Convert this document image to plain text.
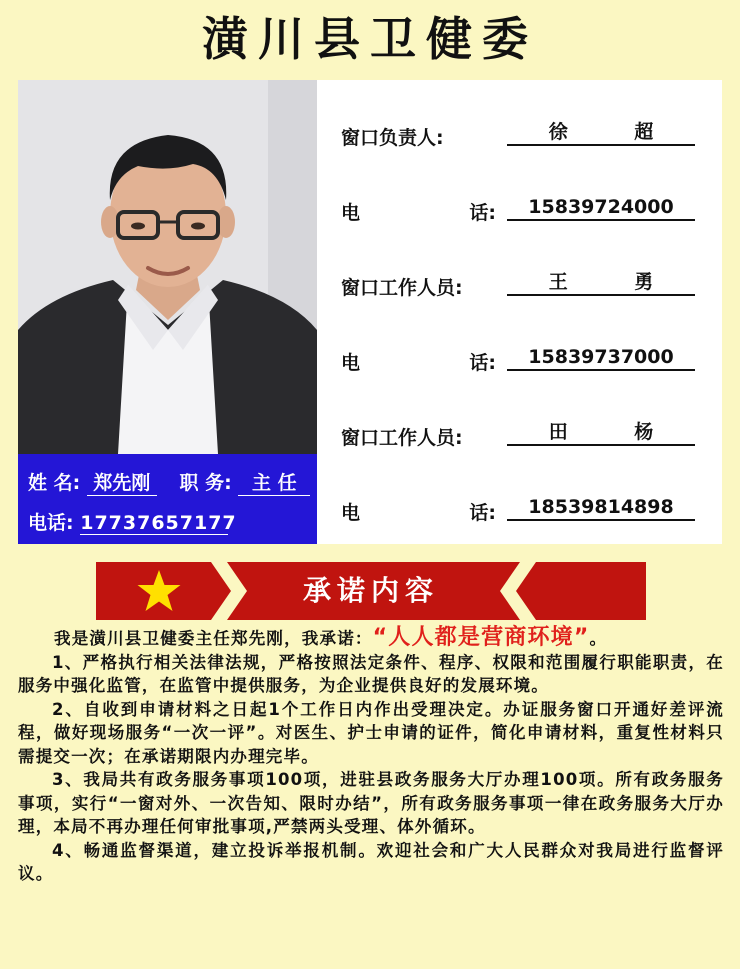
潢川县卫健委
姓 名: 郑先刚 职 务: 主 任
电话: 17737657177
窗口负责人:	徐 超
电	话:	15839724000
窗口工作人员:	王 勇
电	话:	15839737000
窗口工作人员:	田 杨
电	话:	18539814898
承诺内容

我是潢川县卫健委主任郑先刚，我承诺：“人人都是营商环境”。

1、严格执行相关法律法规，严格按照法定条件、程序、权限和范围履行职能职责，在服务中强化监管，在监管中提供服务，为企业提供良好的发展环境。

2、自收到申请材料之日起1个工作日内作出受理决定。办证服务窗口开通好差评流程，做好现场服务“一次一评”。对医生、护士申请的证件，简化申请材料，重复性材料只需提交一次；在承诺期限内办理完毕。

3、我局共有政务服务事项100项，进驻县政务服务大厅办理100项。所有政务服务事项，实行“一窗对外、一次告知、限时办结”，所有政务服务事项一律在政务服务大厅办理，本局不再办理任何审批事项,严禁两头受理、体外循环。

4、畅通监督渠道，建立投诉举报机制。欢迎社会和广大人民群众对我局进行监督评议。
